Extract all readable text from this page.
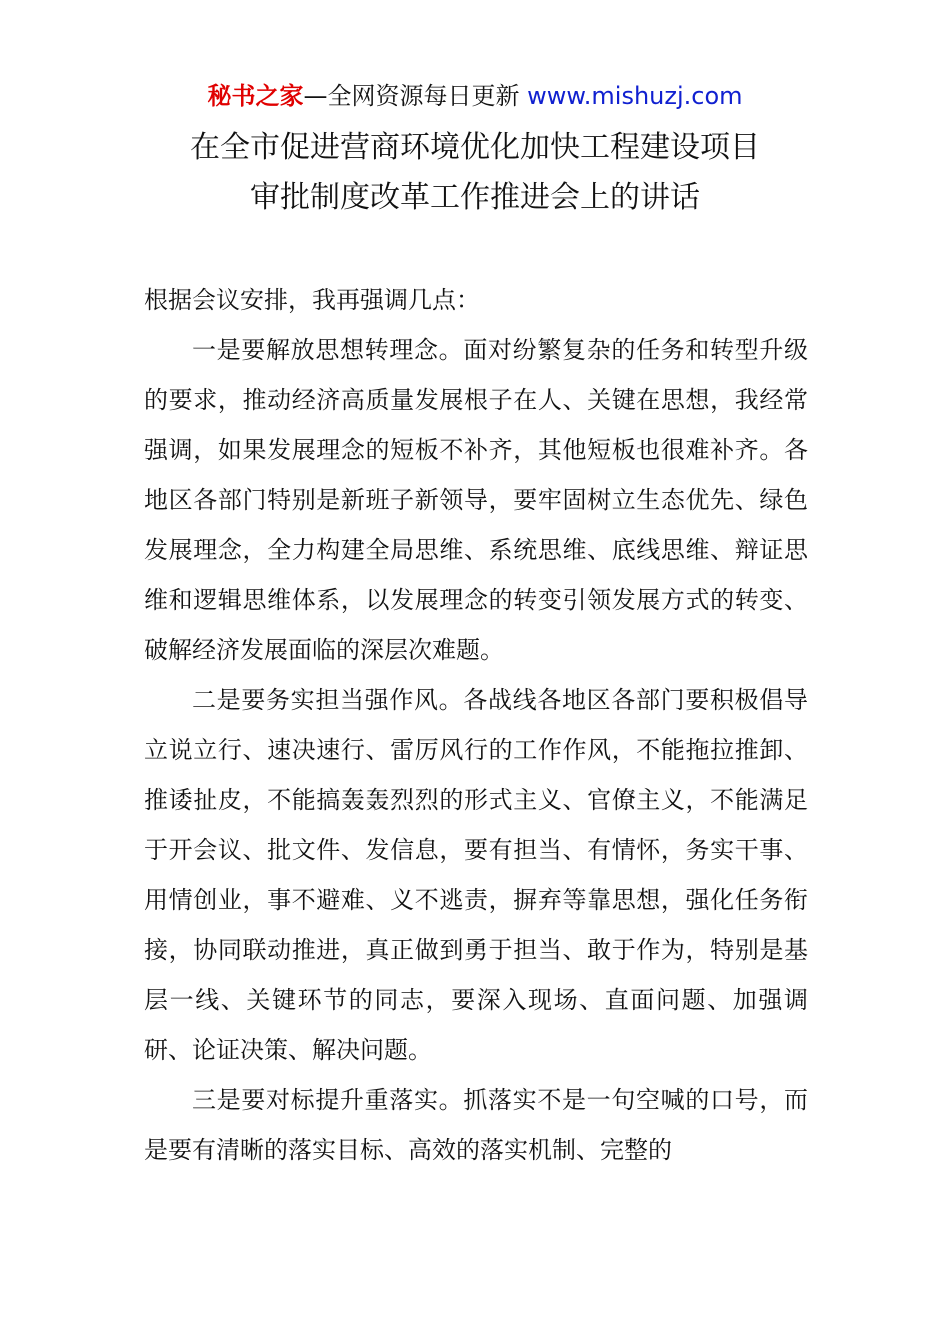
秘书之家—全网资源每日更新 www.mishuzj.com
在全市促进营商环境优化加快工程建设项目
审批制度改革工作推进会上的讲话

根据会议安排，我再强调几点：

一是要解放思想转理念。面对纷繁复杂的任务和转型升级的要求，推动经济高质量发展根子在人、关键在思想，我经常强调，如果发展理念的短板不补齐，其他短板也很难补齐。各地区各部门特别是新班子新领导，要牢固树立生态优先、绿色发展理念，全力构建全局思维、系统思维、底线思维、辩证思维和逻辑思维体系，以发展理念的转变引领发展方式的转变、破解经济发展面临的深层次难题。

二是要务实担当强作风。各战线各地区各部门要积极倡导立说立行、速决速行、雷厉风行的工作作风，不能拖拉推卸、推诿扯皮，不能搞轰轰烈烈的形式主义、官僚主义，不能满足于开会议、批文件、发信息，要有担当、有情怀，务实干事、用情创业，事不避难、义不逃责，摒弃等靠思想，强化任务衔接，协同联动推进，真正做到勇于担当、敢于作为，特别是基层一线、关键环节的同志，要深入现场、直面问题、加强调研、论证决策、解决问题。

三是要对标提升重落实。抓落实不是一句空喊的口号，而是要有清晰的落实目标、高效的落实机制、完整的
